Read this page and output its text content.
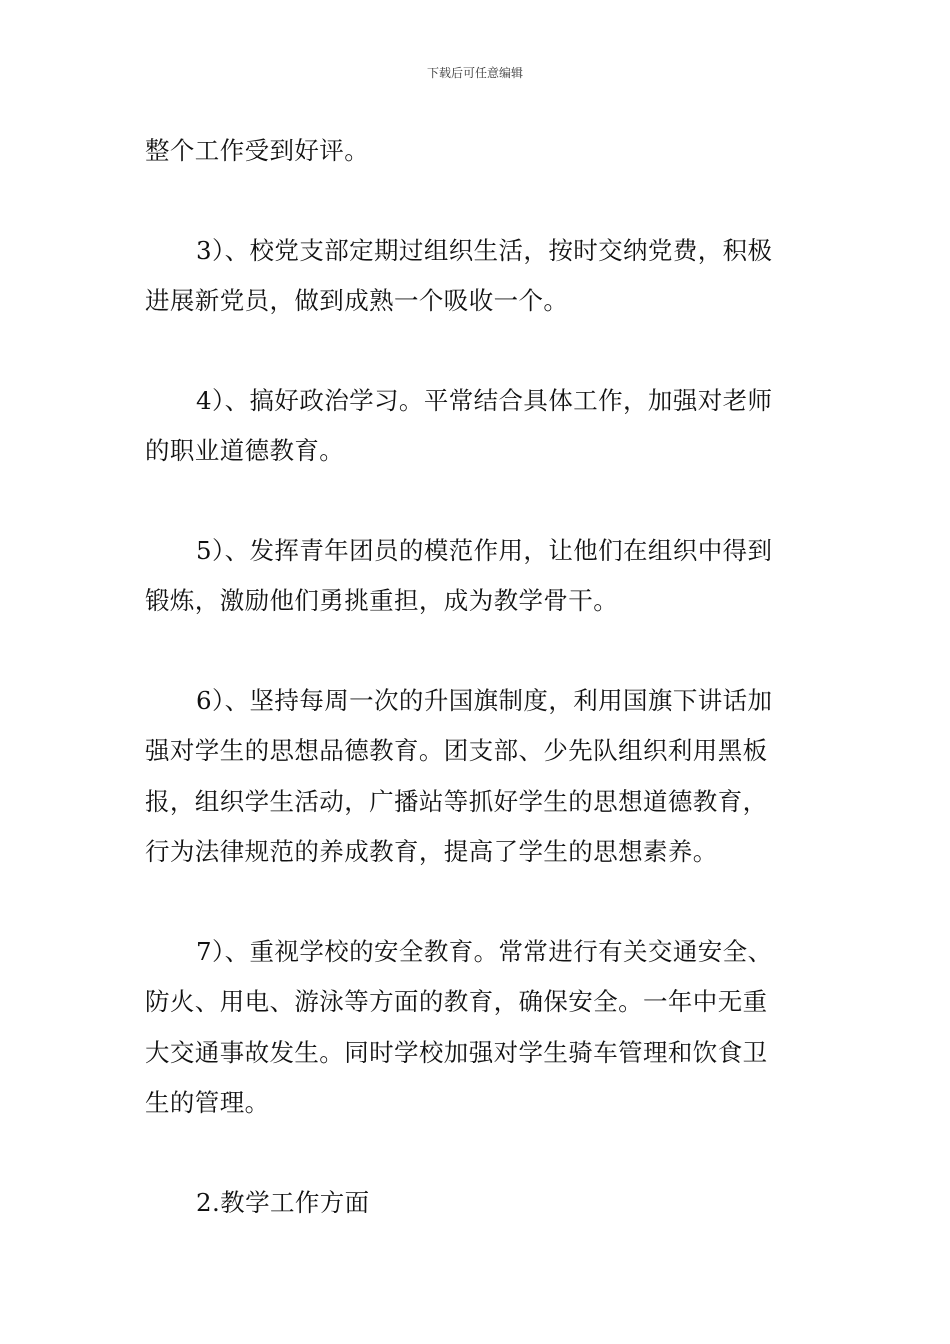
下载后可任意编辑

整个工作受到好评。

3）、校党支部定期过组织生活，按时交纳党费，积极
进展新党员，做到成熟一个吸收一个。

4）、搞好政治学习。平常结合具体工作，加强对老师
的职业道德教育。

5）、发挥青年团员的模范作用，让他们在组织中得到
锻炼，激励他们勇挑重担，成为教学骨干。

6）、坚持每周一次的升国旗制度，利用国旗下讲话加
强对学生的思想品德教育。团支部、少先队组织利用黑板
报，组织学生活动，广播站等抓好学生的思想道德教育，
行为法律规范的养成教育，提高了学生的思想素养。

7）、重视学校的安全教育。常常进行有关交通安全、
防火、用电、游泳等方面的教育，确保安全。一年中无重
大交通事故发生。同时学校加强对学生骑车管理和饮食卫
生的管理。

2.教学工作方面
